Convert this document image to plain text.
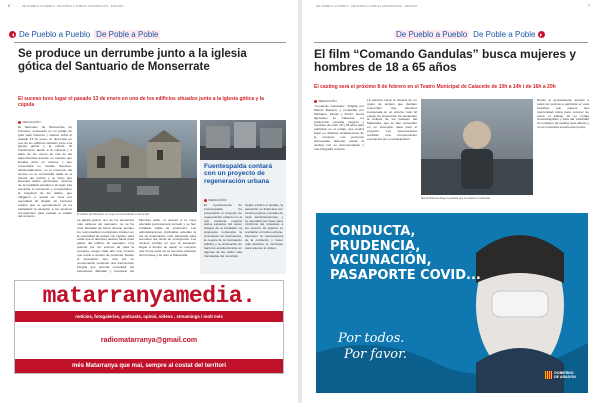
6	DE PUEBLO A PUEBLO · DE POBLE A POBLE | MATARRANYA · EDICIÓN
De Pueblo a Pueblo De Poble a Poble
Se produce un derrumbe junto a la iglesia gótica del Santuario de Monserrate
El suceso tuvo lugar el pasado 13 de enero en uno de los edificios situados junto a la iglesia gótica y la cúpula
REDACCIÓN
El Santuario de Monserrate de Fórnoles, enclavado en un paraje de gran valor histórico y natural, sufrió el pasado 13 de enero un derrumbe en uno de los edificios situados junto a la iglesia gótica y la cúpula. El hundimiento afectó a la cubierta y a parte de los muros de una de las dependencias anexas, un espacio que llevaba años en desuso y que presentaba un notable deterioro. Afortunadamente, en el momento del suceso no se encontraba nadie en el interior del recinto y no hubo que lamentar daños personales. Vecinos de la localidad acudieron al lugar tras escuchar el estruendo y comprobaron la magnitud de los daños, que obligaron a acotar la zona por seguridad. El alcalde de Fórnoles explicó que el ayuntamiento ya ha trasladado la situación a los técnicos competentes para evaluar el estado del conjunto.	El edificio del Santuario en el que se ha producido el derrumbe.
La iglesia gótica, uno de los elementos más valiosos del santuario, no se ha visto afectada de forma directa, aunque los responsables municipales insisten en la necesidad de actuar con rapidez para evitar que el deterioro avance hacia otras partes del edificio. El santuario, muy querido por los vecinos de toda la comarca, acoge cada año una romería que reúne a cientos de personas. Desde la asociación que vela por su conservación reclaman una intervención integral que permita consolidar las estructuras dañadas y recuperar los
Mientras tanto, el acceso a la zona afectada permanecerá cerrado y se han instalado vallas de protección. Las administraciones implicadas estudian la vía de financiación más adecuada para acometer las obras de emergencia. Los vecinos confían en que la actuación llegue a tiempo de salvar un conjunto que forma parte de la memoria colectiva de Fórnoles y de todo el Matarraña.
Fuentespalda contará con un proyecto de regeneración urbana
REDACCIÓN
El Ayuntamiento de Fuentespalda ha presentado el proyecto de regeneración urbana con el que pretende mejorar varios espacios del casco antiguo de la localidad. La propuesta contempla la renovación de pavimentos, la mejora de la iluminación pública y la eliminación de barreras arquitectónicas en algunas de las calles más transitadas del municipio.
Según explicó el alcalde, la actuación se financiará con fondos propios y ayudas de otras administraciones, y se ejecutará por fases para minimizar las molestias a los vecinos. El objetivo es revitalizar el núcleo urbano, favorecer la permanencia de la población y hacer más atractivo el municipio para quienes lo visitan.
matarranyamedia.
notícies, fotogaleries, podcasts, opinió, vídeos , streamings i molt més
radiomatarranya@gmail.com
més Matarranya que mai, sempre al costat del territori
DE PUEBLO A PUEBLO · DE POBLE A POBLE | MATARRANYA · EDICIÓN	7
De Pueblo a Pueblo De Poble a Poble
El film “Comando Gandulas” busca mujeres y hombres de 18 a 65 años
El casting será el próximo 8 de febrero en el Teatro Municipal de Calaceite de 10h a 14h i de 16h a 20h
REDACCIÓN
“Comando Gandulas”, dirigida por Marcel Barrena y producida por Mediapro, Filmax y Filmin, busca figurantes en Calaceite. La producción necesita mujeres y hombres de entre 18 y 65 años para participar en el rodaje, que tendrá lugar en distintas localizaciones de la comarca. Las personas interesadas deberán acudir al casting con su documentación y una fotografía reciente.
La película narra la historia de un grupo de amigos que deciden emprender una aventura inesperada en un entorno rural. El equipo de producción ha destacado la belleza de los paisajes del Matarraña, que se han convertido en un escenario ideal para el proyecto. Los seleccionados recibirán una compensación económica por su participación.
Marcel Barrena dirige la película que se rodará en Calaceite.
Desde el ayuntamiento animan a todos los vecinos a participar en esta iniciativa, que supone una oportunidad única para conocer de cerca el trabajo de un rodaje cinematográfico y para dar visibilidad al municipio. El casting será abierto y no es necesaria experiencia previa.
CONDUCTA,
PRUDENCIA,
VACUNACIÓN,
PASAPORTE COVID...
Por todos.
Por favor.
GOBIERNO
DE ARAGON
